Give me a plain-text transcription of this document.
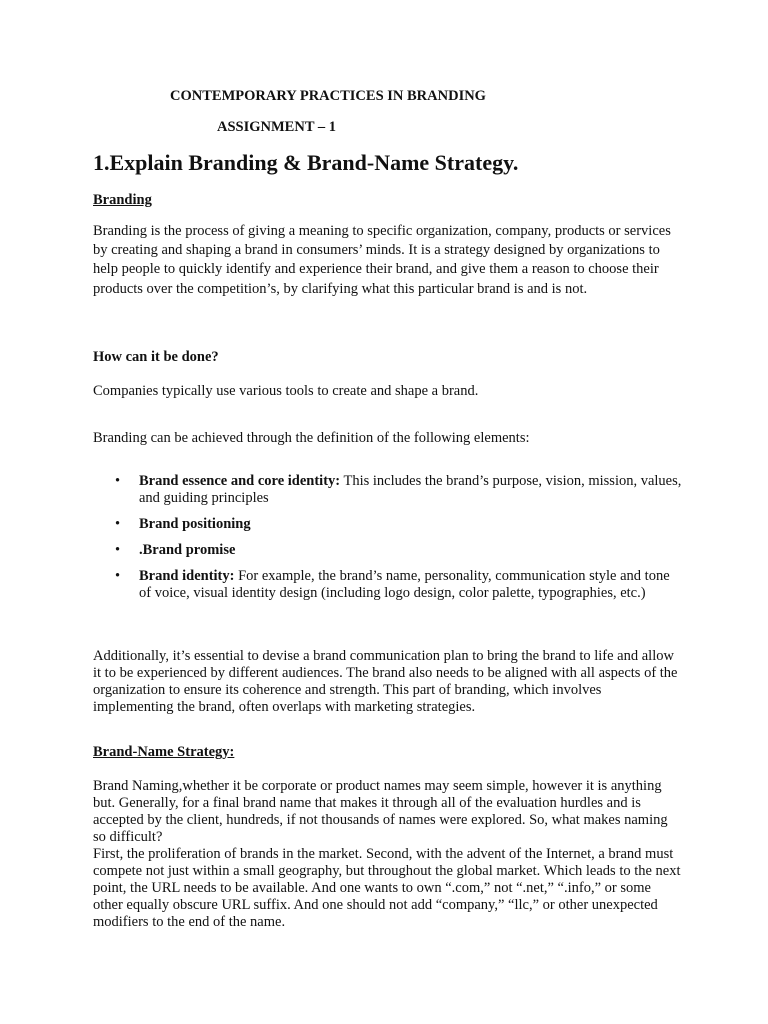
CONTEMPORARY PRACTICES IN BRANDING

ASSIGNMENT – 1

1.Explain Branding & Brand-Name Strategy.

Branding

Branding is the process of giving a meaning to specific organization, company, products or services by creating and shaping a brand in consumers’ minds. It is a strategy designed by organizations to help people to quickly identify and experience their brand, and give them a reason to choose their products over the competition’s, by clarifying what this particular brand is and is not.

How can it be done?

Companies typically use various tools to create and shape a brand.

Branding can be achieved through the definition of the following elements:

• Brand essence and core identity: This includes the brand’s purpose, vision, mission, values, and guiding principles
• Brand positioning
• .Brand promise
• Brand identity: For example, the brand’s name, personality, communication style and tone of voice, visual identity design (including logo design, color palette, typographies, etc.)

Additionally, it’s essential to devise a brand communication plan to bring the brand to life and allow it to be experienced by different audiences. The brand also needs to be aligned with all aspects of the organization to ensure its coherence and strength. This part of branding, which involves implementing the brand, often overlaps with marketing strategies.

Brand-Name Strategy:

Brand Naming,whether it be corporate or product names may seem simple, however it is anything but. Generally, for a final brand name that makes it through all of the evaluation hurdles and is accepted by the client, hundreds, if not thousands of names were explored. So, what makes naming so difficult?

First, the proliferation of brands in the market. Second, with the advent of the Internet, a brand must compete not just within a small geography, but throughout the global market. Which leads to the next point, the URL needs to be available. And one wants to own “.com,” not “.net,” “.info,” or some other equally obscure URL suffix. And one should not add “company,” “llc,” or other unexpected modifiers to the end of the name.
